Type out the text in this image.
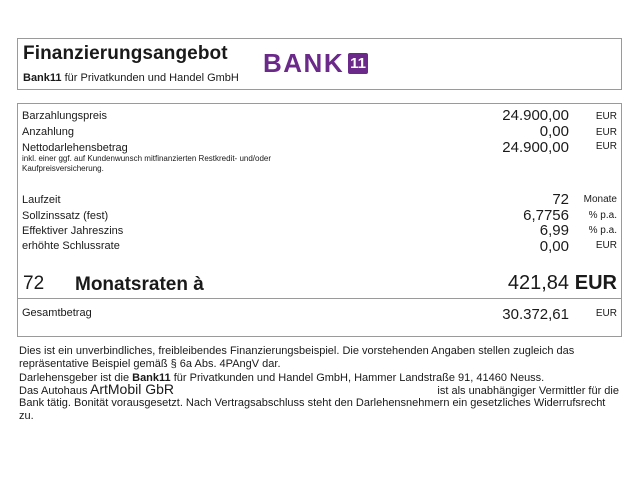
Finanzierungsangebot
Bank11 für Privatkunden und Handel GmbH BANK 11
Barzahlungspreis	24.900,00	EUR
Anzahlung	0,00	EUR
Nettodarlehensbetrag	24.900,00	EUR
inkl. einer ggf. auf Kundenwunsch mitfinanzierten Restkredit- und/oder Kaufpreisversicherung.
Laufzeit	72 Monate
Sollzinssatz (fest)	6,7756 % p.a.
Effektiver Jahreszins	6,99 % p.a.
erhöhte Schlussrate	0,00	EUR
72 Monatsraten à	421,84 EUR
Gesamtbetrag	30.372,61	EUR
Dies ist ein unverbindliches, freibleibendes Finanzierungsbeispiel. Die vorstehenden Angaben stellen zugleich das repräsentative Beispiel gemäß § 6a Abs. 4PAngV dar.
Darlehensgeber ist die Bank11 für Privatkunden und Handel GmbH, Hammer Landstraße 91, 41460 Neuss.
Das Autohaus ArtMobil GbR	ist als unabhängiger Vermittler für die
Bank tätig. Bonität vorausgesetzt. Nach Vertragsabschluss steht den Darlehensnehmern ein gesetzliches Widerrufsrecht zu.
